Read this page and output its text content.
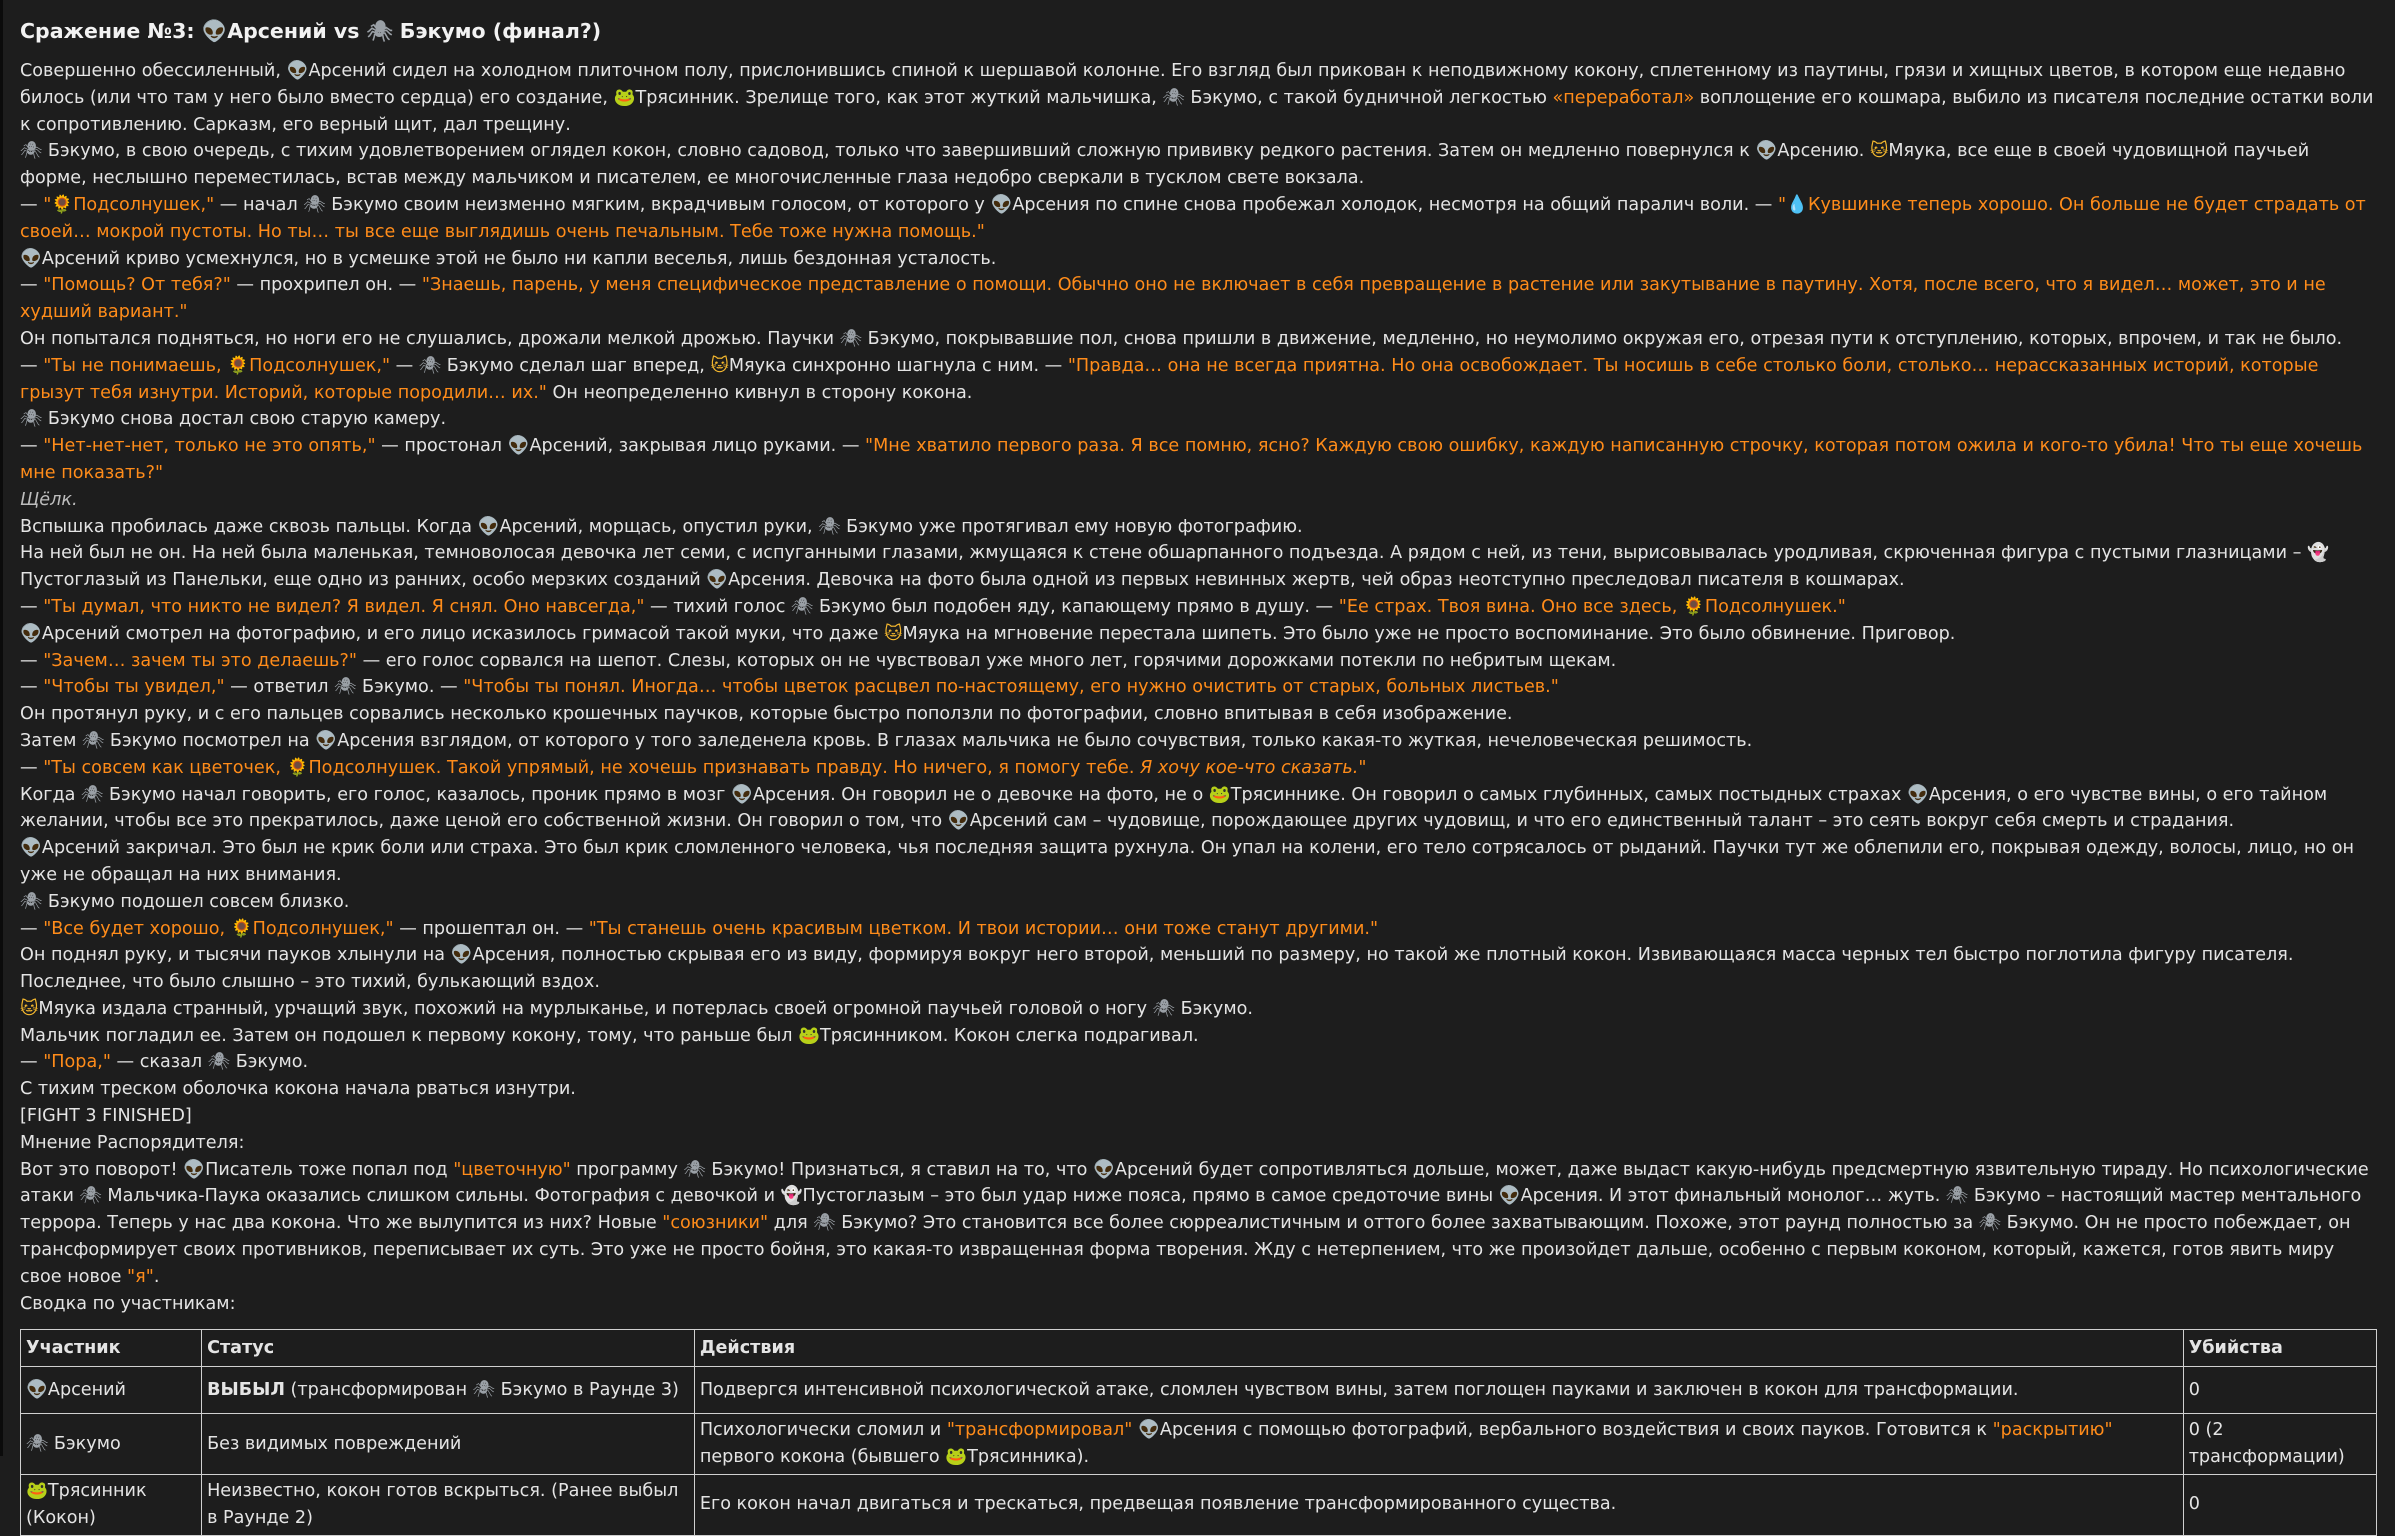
Сражение №3: 👽Арсений vs 🕷 Бэкумо (финал?)

Совершенно обессиленный, 👽Арсений сидел на холодном плиточном полу, прислонившись спиной к шершавой колонне. Его взгляд был прикован к неподвижному кокону, сплетенному из паутины, грязи и хищных цветов, в котором еще недавно билось (или что там у него было вместо сердца) его создание, 🐸Трясинник. Зрелище того, как этот жуткий мальчишка, 🕷 Бэкумо, с такой будничной легкостью «переработал» воплощение его кошмара, выбило из писателя последние остатки воли к сопротивлению. Сарказм, его верный щит, дал трещину.

🕷 Бэкумо, в свою очередь, с тихим удовлетворением оглядел кокон, словно садовод, только что завершивший сложную прививку редкого растения. Затем он медленно повернулся к 👽Арсению. 🐱Мяука, все еще в своей чудовищной паучьей форме, неслышно переместилась, встав между мальчиком и писателем, ее многочисленные глаза недобро сверкали в тусклом свете вокзала.

— "🌻Подсолнушек," — начал 🕷 Бэкумо своим неизменно мягким, вкрадчивым голосом, от которого у 👽Арсения по спине снова пробежал холодок, несмотря на общий паралич воли. — "💧Кувшинке теперь хорошо. Он больше не будет страдать от своей… мокрой пустоты. Но ты… ты все еще выглядишь очень печальным. Тебе тоже нужна помощь."

👽Арсений криво усмехнулся, но в усмешке этой не было ни капли веселья, лишь бездонная усталость.

— "Помощь? От тебя?" — прохрипел он. — "Знаешь, парень, у меня специфическое представление о помощи. Обычно оно не включает в себя превращение в растение или закутывание в паутину. Хотя, после всего, что я видел… может, это и не худший вариант."

Он попытался подняться, но ноги его не слушались, дрожали мелкой дрожью. Паучки 🕷 Бэкумо, покрывавшие пол, снова пришли в движение, медленно, но неумолимо окружая его, отрезая пути к отступлению, которых, впрочем, и так не было.

— "Ты не понимаешь, 🌻Подсолнушек," — 🕷 Бэкумо сделал шаг вперед, 🐱Мяука синхронно шагнула с ним. — "Правда… она не всегда приятна. Но она освобождает. Ты носишь в себе столько боли, столько… нерассказанных историй, которые грызут тебя изнутри. Историй, которые породили… их." Он неопределенно кивнул в сторону кокона.

🕷 Бэкумо снова достал свою старую камеру.

— "Нет-нет-нет, только не это опять," — простонал 👽Арсений, закрывая лицо руками. — "Мне хватило первого раза. Я все помню, ясно? Каждую свою ошибку, каждую написанную строчку, которая потом ожила и кого-то убила! Что ты еще хочешь мне показать?"

Щёлк.

Вспышка пробилась даже сквозь пальцы. Когда 👽Арсений, морщась, опустил руки, 🕷 Бэкумо уже протягивал ему новую фотографию.

На ней был не он. На ней была маленькая, темноволосая девочка лет семи, с испуганными глазами, жмущаяся к стене обшарпанного подъезда. А рядом с ней, из тени, вырисовывалась уродливая, скрюченная фигура с пустыми глазницами – 👻Пустоглазый из Панельки, еще одно из ранних, особо мерзких созданий 👽Арсения. Девочка на фото была одной из первых невинных жертв, чей образ неотступно преследовал писателя в кошмарах.

— "Ты думал, что никто не видел? Я видел. Я снял. Оно навсегда," — тихий голос 🕷 Бэкумо был подобен яду, капающему прямо в душу. — "Ее страх. Твоя вина. Оно все здесь, 🌻Подсолнушек."

👽Арсений смотрел на фотографию, и его лицо исказилось гримасой такой муки, что даже 🐱Мяука на мгновение перестала шипеть. Это было уже не просто воспоминание. Это было обвинение. Приговор.

— "Зачем… зачем ты это делаешь?" — его голос сорвался на шепот. Слезы, которых он не чувствовал уже много лет, горячими дорожками потекли по небритым щекам.

— "Чтобы ты увидел," — ответил 🕷 Бэкумо. — "Чтобы ты понял. Иногда… чтобы цветок расцвел по-настоящему, его нужно очистить от старых, больных листьев."

Он протянул руку, и с его пальцев сорвались несколько крошечных паучков, которые быстро поползли по фотографии, словно впитывая в себя изображение.

Затем 🕷 Бэкумо посмотрел на 👽Арсения взглядом, от которого у того заледенела кровь. В глазах мальчика не было сочувствия, только какая-то жуткая, нечеловеческая решимость.

— "Ты совсем как цветочек, 🌻Подсолнушек. Такой упрямый, не хочешь признавать правду. Но ничего, я помогу тебе. Я хочу кое-что сказать."

Когда 🕷 Бэкумо начал говорить, его голос, казалось, проник прямо в мозг 👽Арсения. Он говорил не о девочке на фото, не о 🐸Трясиннике. Он говорил о самых глубинных, самых постыдных страхах 👽Арсения, о его чувстве вины, о его тайном желании, чтобы все это прекратилось, даже ценой его собственной жизни. Он говорил о том, что 👽Арсений сам – чудовище, порождающее других чудовищ, и что его единственный талант – это сеять вокруг себя смерть и страдания.

👽Арсений закричал. Это был не крик боли или страха. Это был крик сломленного человека, чья последняя защита рухнула. Он упал на колени, его тело сотрясалось от рыданий. Паучки тут же облепили его, покрывая одежду, волосы, лицо, но он уже не обращал на них внимания.

🕷 Бэкумо подошел совсем близко.

— "Все будет хорошо, 🌻Подсолнушек," — прошептал он. — "Ты станешь очень красивым цветком. И твои истории… они тоже станут другими."

Он поднял руку, и тысячи пауков хлынули на 👽Арсения, полностью скрывая его из виду, формируя вокруг него второй, меньший по размеру, но такой же плотный кокон. Извивающаяся масса черных тел быстро поглотила фигуру писателя. Последнее, что было слышно – это тихий, булькающий вздох.

🐱Мяука издала странный, урчащий звук, похожий на мурлыканье, и потерлась своей огромной паучьей головой о ногу 🕷 Бэкумо.

Мальчик погладил ее. Затем он подошел к первому кокону, тому, что раньше был 🐸Трясинником. Кокон слегка подрагивал.

— "Пора," — сказал 🕷 Бэкумо.

С тихим треском оболочка кокона начала рваться изнутри.

[FIGHT 3 FINISHED]

Мнение Распорядителя:

Вот это поворот! 👽Писатель тоже попал под "цветочную" программу 🕷 Бэкумо! Признаться, я ставил на то, что 👽Арсений будет сопротивляться дольше, может, даже выдаст какую-нибудь предсмертную язвительную тираду. Но психологические атаки 🕷 Мальчика-Паука оказались слишком сильны. Фотография с девочкой и 👻Пустоглазым – это был удар ниже пояса, прямо в самое средоточие вины 👽Арсения. И этот финальный монолог… жуть. 🕷 Бэкумо – настоящий мастер ментального террора. Теперь у нас два кокона. Что же вылупится из них? Новые "союзники" для 🕷 Бэкумо? Это становится все более сюрреалистичным и оттого более захватывающим. Похоже, этот раунд полностью за 🕷 Бэкумо. Он не просто побеждает, он трансформирует своих противников, переписывает их суть. Это уже не просто бойня, это какая-то извращенная форма творения. Жду с нетерпением, что же произойдет дальше, особенно с первым коконом, который, кажется, готов явить миру свое новое "я".

Сводка по участникам:

Участник	Статус	Действия	Убийства
👽Арсений	ВЫБЫЛ (трансформирован 🕷 Бэкумо в Раунде 3)	Подвергся интенсивной психологической атаке, сломлен чувством вины, затем поглощен пауками и заключен в кокон для трансформации.	0
🕷 Бэкумо	Без видимых повреждений	Психологически сломил и "трансформировал" 👽Арсения с помощью фотографий, вербального воздействия и своих пауков. Готовится к "раскрытию" первого кокона (бывшего 🐸Трясинника).	0 (2 трансформации)
🐸Трясинник (Кокон)	Неизвестно, кокон готов вскрыться. (Ранее выбыл в Раунде 2)	Его кокон начал двигаться и трескаться, предвещая появление трансформированного существа.	0
